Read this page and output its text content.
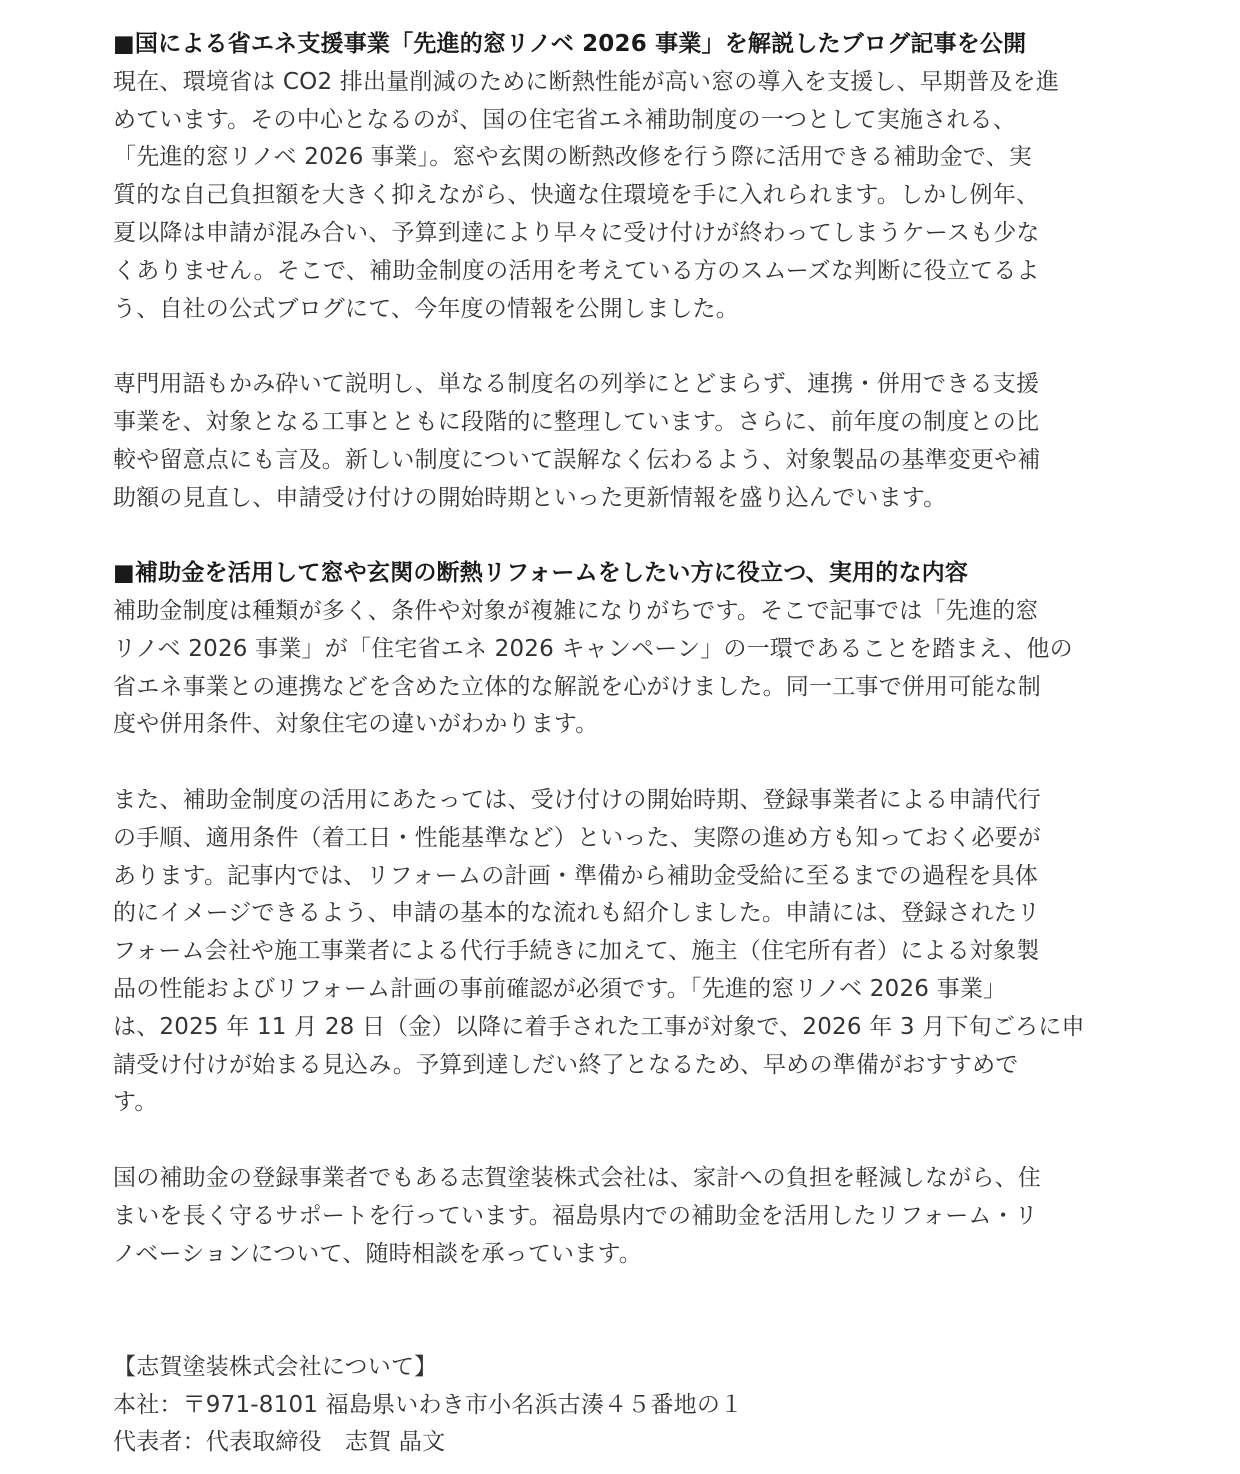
■国による省エネ支援事業「先進的窓リノベ 2026 事業」を解説したブログ記事を公開
現在、環境省は CO2 排出量削減のために断熱性能が高い窓の導入を支援し、早期普及を進
めています。その中心となるのが、国の住宅省エネ補助制度の一つとして実施される、
「先進的窓リノベ 2026 事業」。窓や玄関の断熱改修を行う際に活用できる補助金で、実
質的な自己負担額を大きく抑えながら、快適な住環境を手に入れられます。しかし例年、
夏以降は申請が混み合い、予算到達により早々に受け付けが終わってしまうケースも少な
くありません。そこで、補助金制度の活用を考えている方のスムーズな判断に役立てるよ
う、自社の公式ブログにて、今年度の情報を公開しました。
専門用語もかみ砕いて説明し、単なる制度名の列挙にとどまらず、連携・併用できる支援
事業を、対象となる工事とともに段階的に整理しています。さらに、前年度の制度との比
較や留意点にも言及。新しい制度について誤解なく伝わるよう、対象製品の基準変更や補
助額の見直し、申請受け付けの開始時期といった更新情報を盛り込んでいます。
■補助金を活用して窓や玄関の断熱リフォームをしたい方に役立つ、実用的な内容
補助金制度は種類が多く、条件や対象が複雑になりがちです。そこで記事では「先進的窓
リノベ 2026 事業」が「住宅省エネ 2026 キャンペーン」の一環であることを踏まえ、他の
省エネ事業との連携などを含めた立体的な解説を心がけました。同一工事で併用可能な制
度や併用条件、対象住宅の違いがわかります。
また、補助金制度の活用にあたっては、受け付けの開始時期、登録事業者による申請代行
の手順、適用条件（着工日・性能基準など）といった、実際の進め方も知っておく必要が
あります。記事内では、リフォームの計画・準備から補助金受給に至るまでの過程を具体
的にイメージできるよう、申請の基本的な流れも紹介しました。申請には、登録されたリ
フォーム会社や施工事業者による代行手続きに加えて、施主（住宅所有者）による対象製
品の性能およびリフォーム計画の事前確認が必須です。「先進的窓リノベ 2026 事業」
は、2025 年 11 月 28 日（金）以降に着手された工事が対象で、2026 年 3 月下旬ごろに申
請受け付けが始まる見込み。予算到達しだい終了となるため、早めの準備がおすすめで
す。
国の補助金の登録事業者でもある志賀塗装株式会社は、家計への負担を軽減しながら、住
まいを長く守るサポートを行っています。福島県内での補助金を活用したリフォーム・リ
ノベーションについて、随時相談を承っています。
【志賀塗装株式会社について】
本社：〒971-8101 福島県いわき市小名浜古湊４５番地の１
代表者：代表取締役　志賀 晶文
